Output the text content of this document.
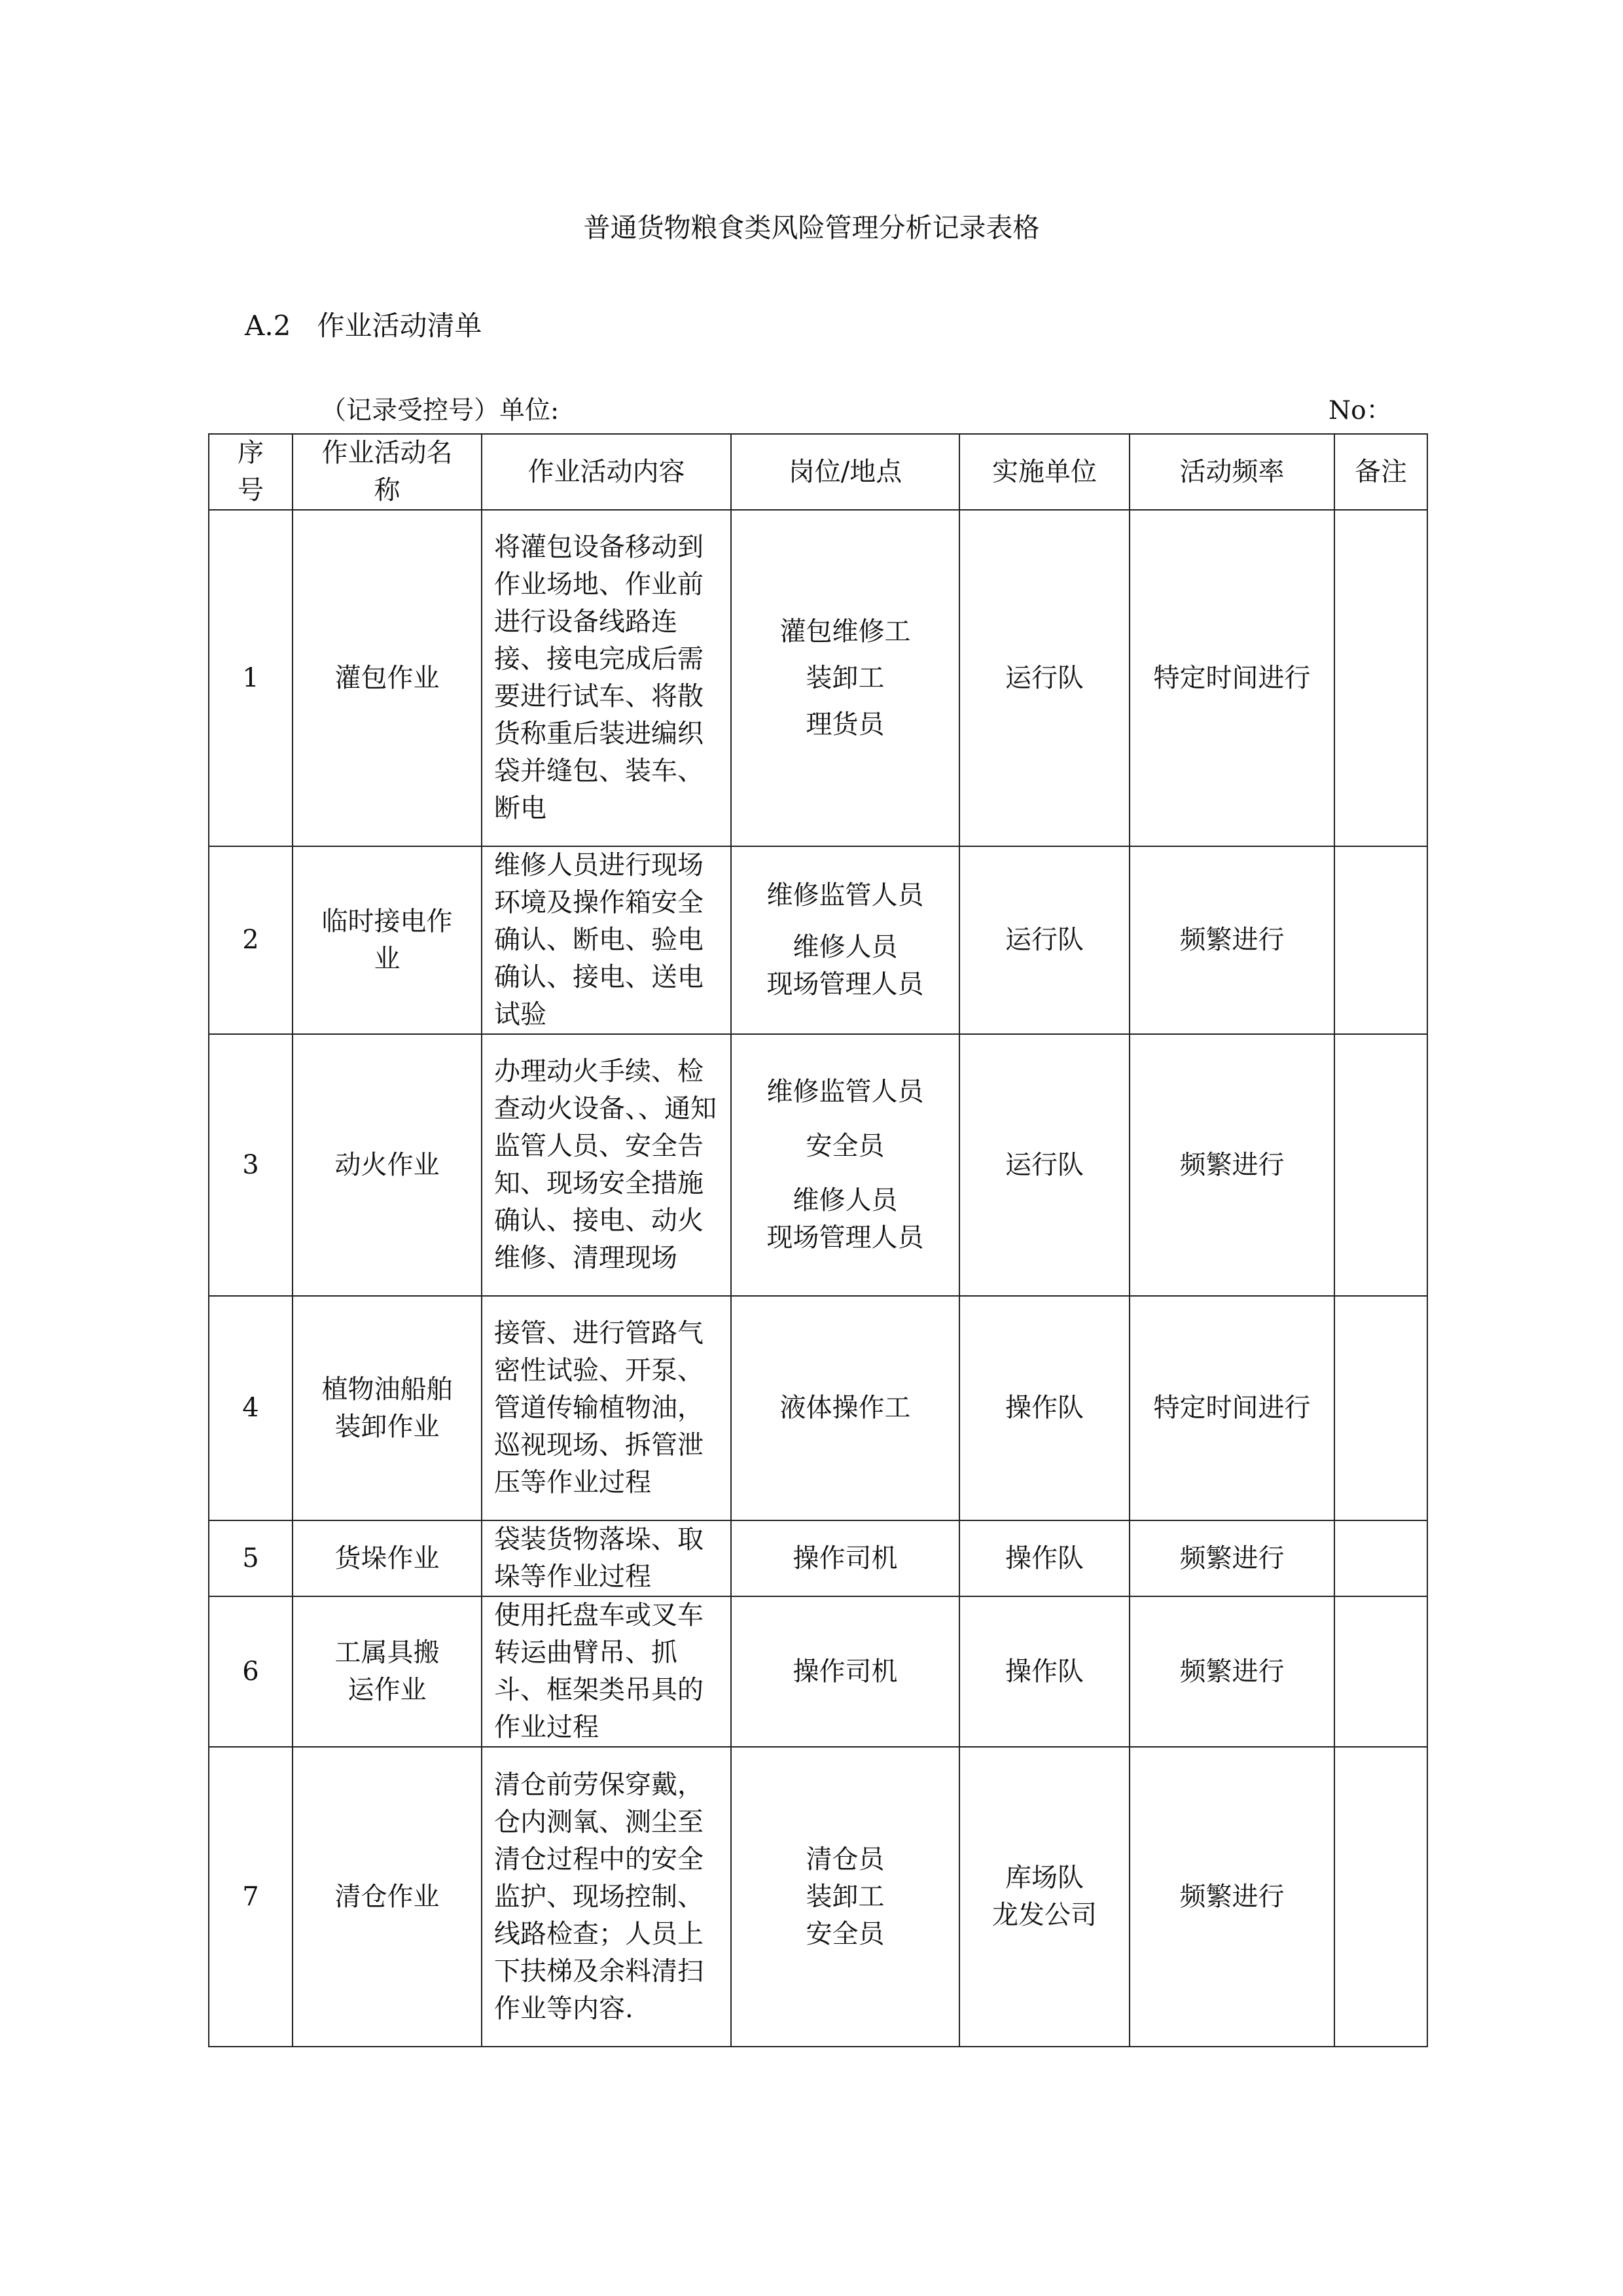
普通货物粮食类风险管理分析记录表格
A.2 作业活动清单
（记录受控号）单位:	No：
序号	作业活动名称	作业活动内容	岗位/地点	实施单位	活动频率	备注
1	灌包作业	将灌包设备移动到作业场地、作业前进行设备线路连接、接电完成后需要进行试车、将散货称重后装进编织袋并缝包、装车、断电	灌包维修工
装卸工
理货员	运行队	特定时间进行	
2	临时接电作业	维修人员进行现场环境及操作箱安全确认、断电、验电确认、接电、送电试验	维修监管人员
维修人员
现场管理人员	运行队	频繁进行	
3	动火作业	办理动火手续、检查动火设备、、通知监管人员、安全告知、现场安全措施确认、接电、动火维修、清理现场	维修监管人员
安全员
维修人员
现场管理人员	运行队	频繁进行	
4	植物油船舶装卸作业	接管、进行管路气密性试验、开泵、管道传输植物油，巡视现场、拆管泄压等作业过程	液体操作工	操作队	特定时间进行	
5	货垛作业	袋装货物落垛、取垛等作业过程	操作司机	操作队	频繁进行	
6	工属具搬运作业	使用托盘车或叉车转运曲臂吊、抓斗、框架类吊具的作业过程	操作司机	操作队	频繁进行	
7	清仓作业	清仓前劳保穿戴，仓内测氧、测尘至清仓过程中的安全监护、现场控制、线路检查；人员上下扶梯及余料清扫作业等内容.	清仓员
装卸工
安全员	库场队
龙发公司	频繁进行	
